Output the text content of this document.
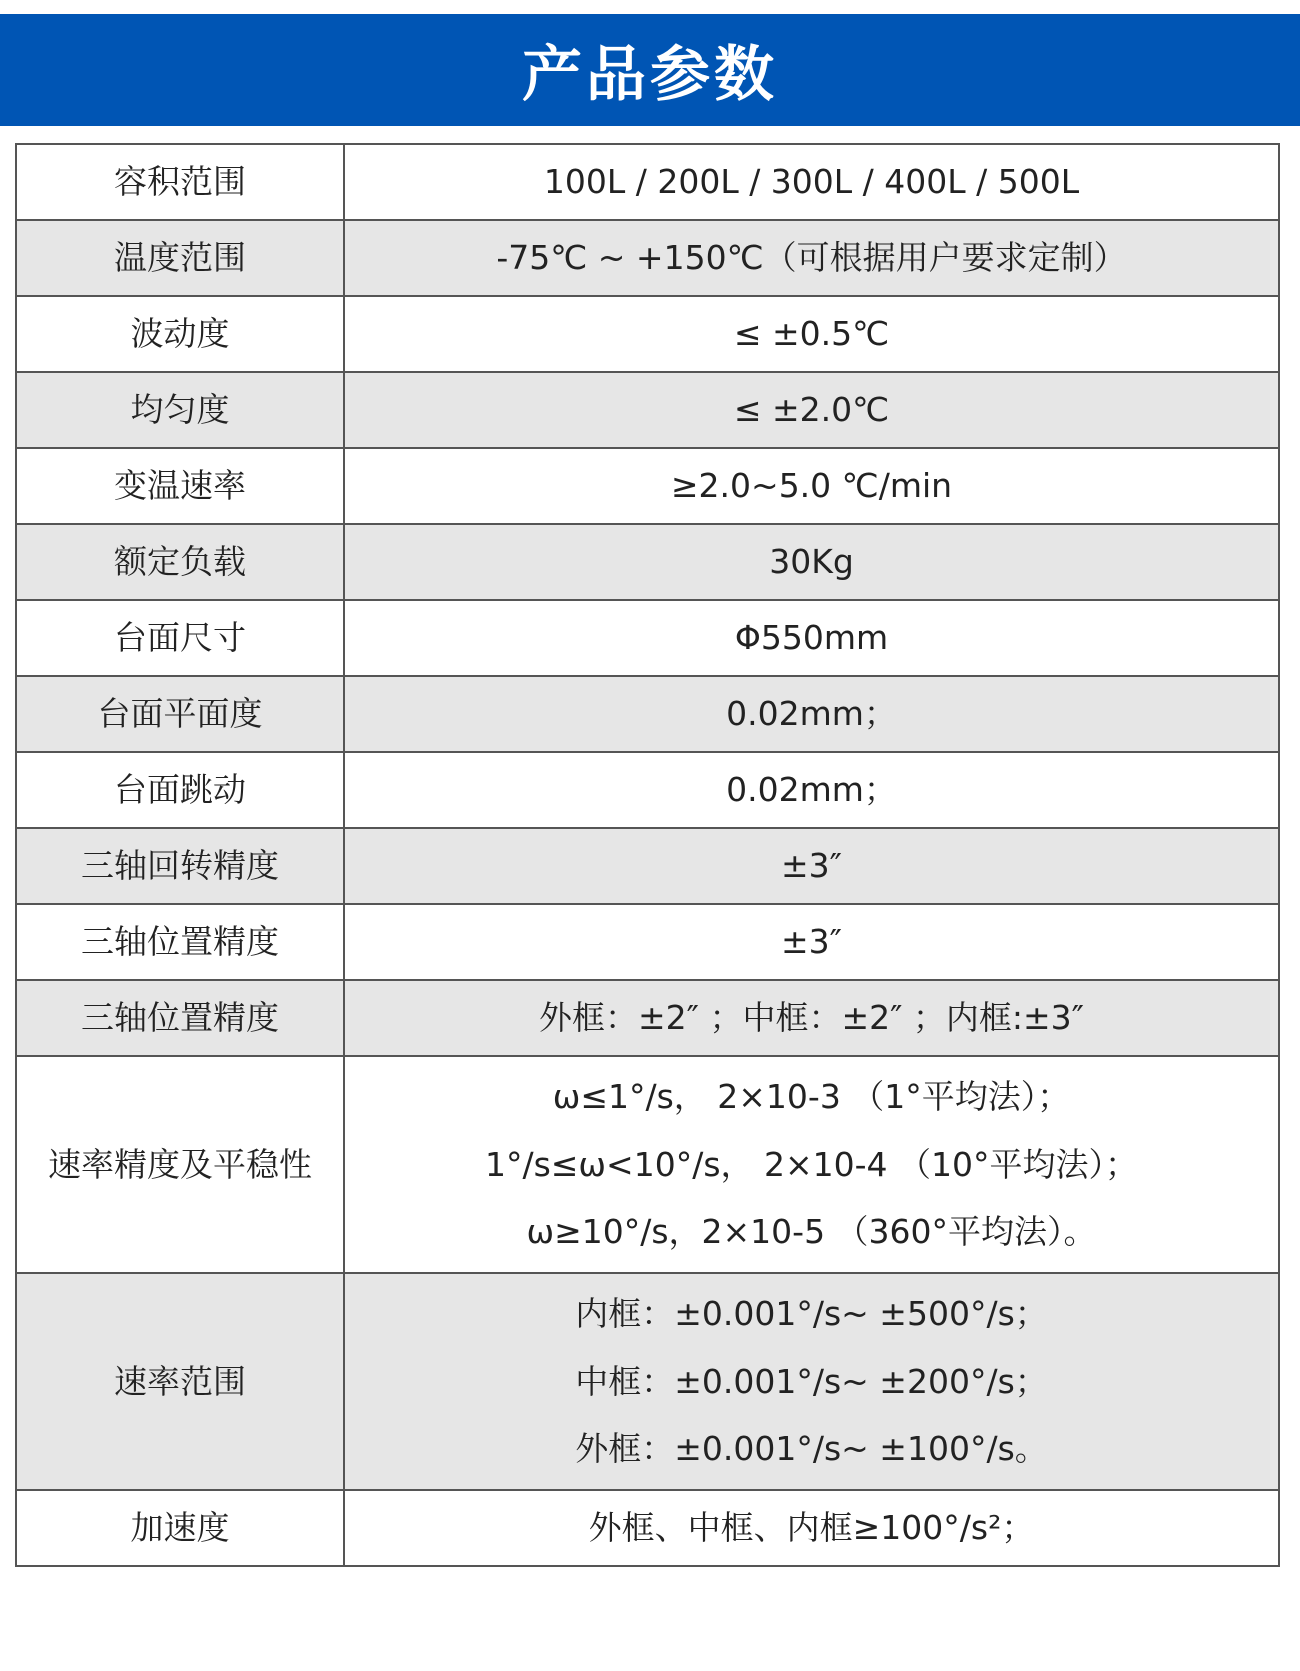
产品参数
容积范围	100L / 200L / 300L / 400L / 500L

温度范围	-75℃ ~ +150℃（可根据用户要求定制）

波动度	≤ ±0.5℃

均匀度	≤ ±2.0℃

变温速率	≥2.0~5.0 ℃/min

额定负载	30Kg

台面尺寸	Φ550mm

台面平面度	0.02mm；

台面跳动	0.02mm；

三轴回转精度	±3″

三轴位置精度	±3″

三轴位置精度	外框：±2″ ；中框：±2″ ；内框:±3″

速率精度及平稳性	ω≤1°/s， 2×10-3 （1°平均法）；
1°/s≤ω<10°/s， 2×10-4 （10°平均法）；
ω≥10°/s，2×10-5 （360°平均法）。

速率范围	内框：±0.001°/s~ ±500°/s；
中框：±0.001°/s~ ±200°/s；
外框：±0.001°/s~ ±100°/s。

加速度	外框、中框、内框≥100°/s²；
